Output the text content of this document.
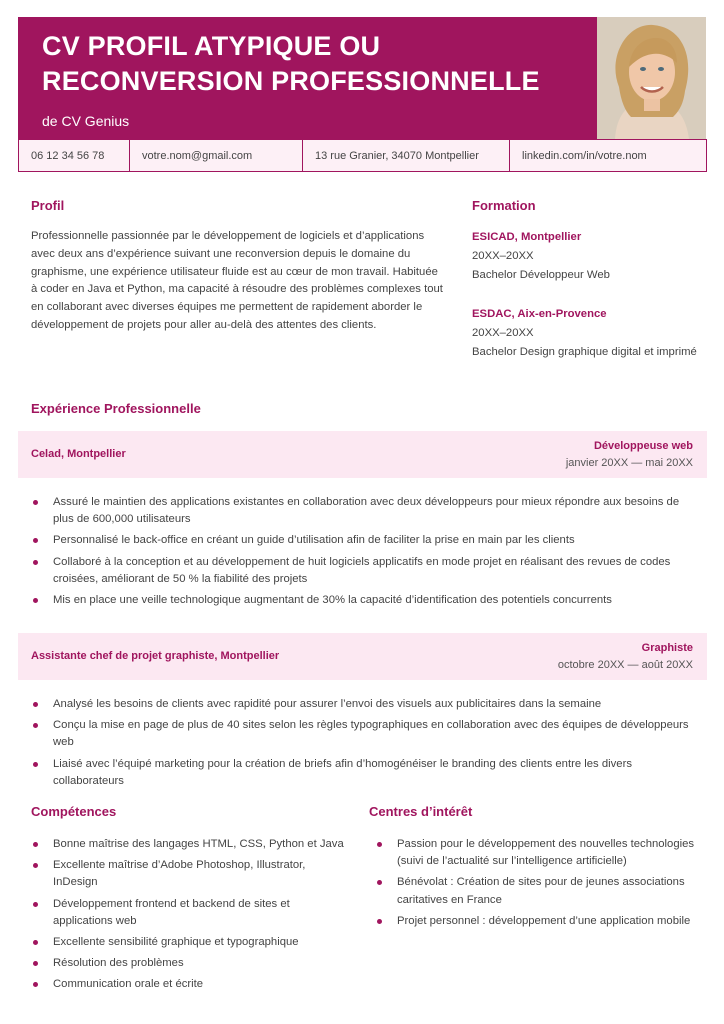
CV PROFIL ATYPIQUE OU
RECONVERSION PROFESSIONNELLE
de CV Genius
06 12 34 56 78	votre.nom@gmail.com	13 rue Granier, 34070 Montpellier	linkedin.com/in/votre.nom
Profil
Professionnelle passionnée par le développement de logiciels et d’applications avec deux ans d’expérience suivant une reconversion depuis le domaine du graphisme, une expérience utilisateur fluide est au cœur de mon travail. Habituée à coder en Java et Python, ma capacité à résoudre des problèmes complexes tout en collaborant avec diverses équipes me permettent de rapidement aborder le développement de projets pour aller au-delà des attentes des clients.
Formation
ESICAD, Montpellier
20XX–20XX
Bachelor Développeur Web
ESDAC, Aix-en-Provence
20XX–20XX
Bachelor Design graphique digital et imprimé
Expérience Professionnelle
Celad, Montpellier
Développeuse web
janvier 20XX — mai 20XX
Assuré le maintien des applications existantes en collaboration avec deux développeurs pour mieux répondre aux besoins de plus de 600,000 utilisateurs
Personnalisé le back-office en créant un guide d’utilisation afin de faciliter la prise en main par les clients
Collaboré à la conception et au développement de huit logiciels applicatifs en mode projet en réalisant des revues de codes croisées, améliorant de 50 % la fiabilité des projets
Mis en place une veille technologique augmentant de 30% la capacité d’identification des potentiels concurrents
Assistante chef de projet graphiste, Montpellier
Graphiste
octobre 20XX — août 20XX
Analysé les besoins de clients avec rapidité pour assurer l’envoi des visuels aux publicitaires dans la semaine
Conçu la mise en page de plus de 40 sites selon les règles typographiques en collaboration avec des équipes de développeurs web
Liaisé avec l’équipé marketing pour la création de briefs afin d’homogénéiser le branding des clients entre les divers collaborateurs
Compétences
Bonne maîtrise des langages HTML, CSS, Python et Java
Excellente maîtrise d’Adobe Photoshop, Illustrator, InDesign
Développement frontend et backend de sites et applications web
Excellente sensibilité graphique et typographique
Résolution des problèmes
Communication orale et écrite
Centres d’intérêt
Passion pour le développement des nouvelles technologies (suivi de l’actualité sur l’intelligence artificielle)
Bénévolat : Création de sites pour de jeunes associations caritatives en France
Projet personnel : développement d’une application mobile
